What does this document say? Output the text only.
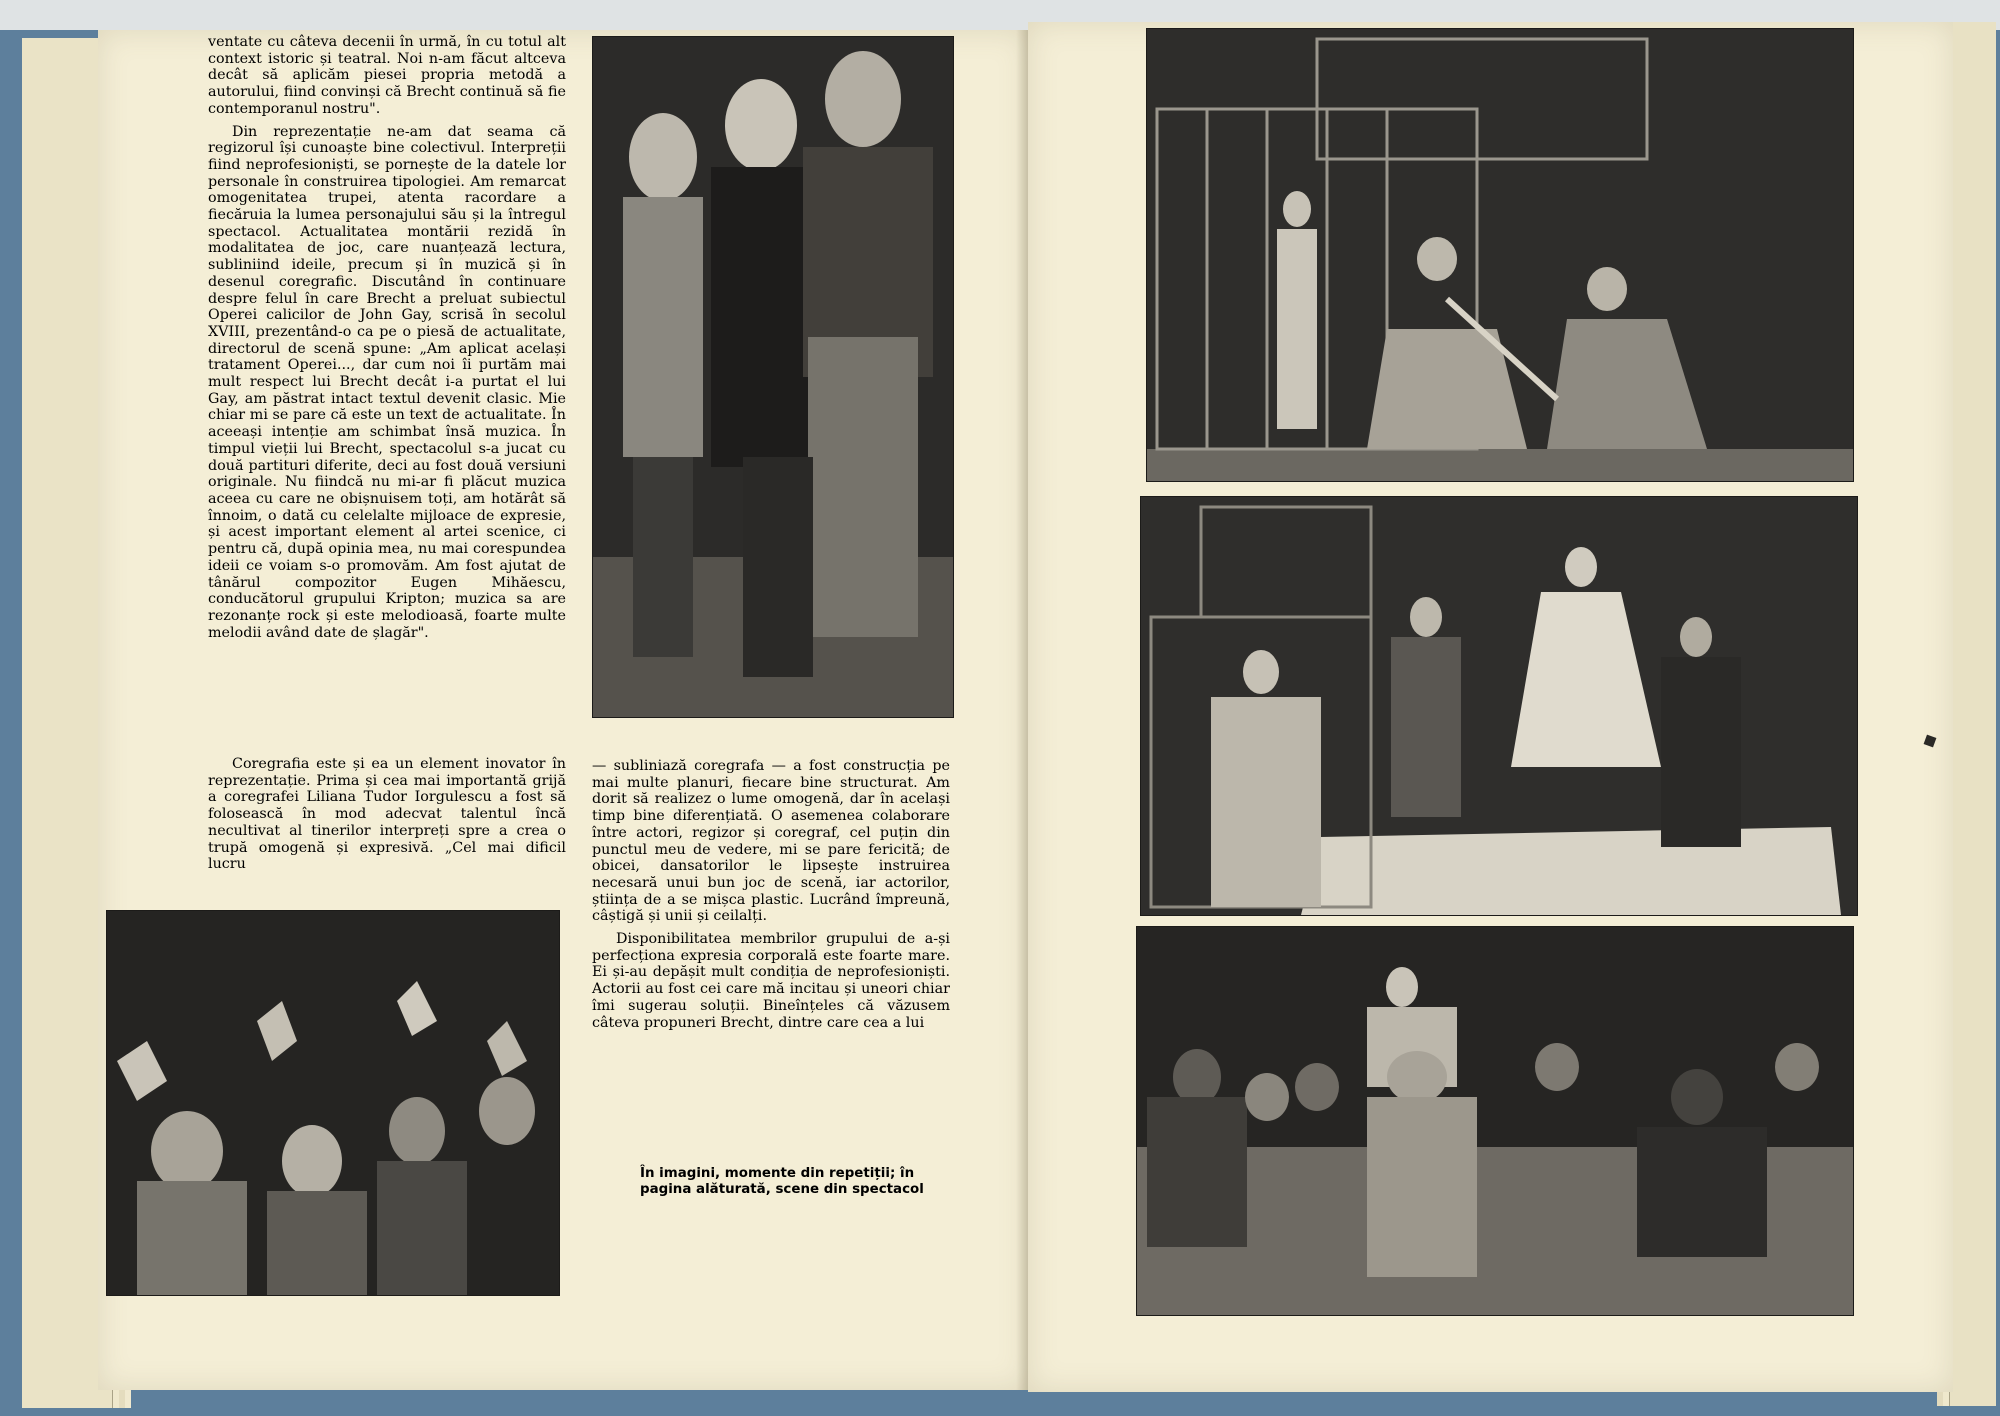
ventate cu câteva decenii în urmă, în cu totul alt context istoric și teatral. Noi n-am făcut altceva decât să aplicăm piesei propria metodă a autorului, fiind convinși că Brecht continuă să fie contemporanul nostru".

Din reprezentație ne-am dat seama că regizorul își cunoaște bine colectivul. Interpreții fiind neprofesioniști, se pornește de la datele lor personale în construirea tipologiei. Am remarcat omogenitatea trupei, atenta racordare a fiecăruia la lumea personajului său și la întregul spectacol. Actualitatea montării rezidă în modalitatea de joc, care nuanțează lectura, subliniind ideile, precum și în muzică și în desenul coregrafic. Discutând în continuare despre felul în care Brecht a preluat subiectul Operei calicilor de John Gay, scrisă în secolul XVIII, prezentând-o ca pe o piesă de actualitate, directorul de scenă spune: „Am aplicat același tratament Operei..., dar cum noi îi purtăm mai mult respect lui Brecht decât i-a purtat el lui Gay, am păstrat intact textul devenit clasic. Mie chiar mi se pare că este un text de actualitate. În aceeași intenție am schimbat însă muzica. În timpul vieții lui Brecht, spectacolul s-a jucat cu două partituri diferite, deci au fost două versiuni originale. Nu fiindcă nu mi-ar fi plăcut muzica aceea cu care ne obișnuisem toți, am hotărât să înnoim, o dată cu celelalte mijloace de expresie, și acest important element al artei scenice, ci pentru că, după opinia mea, nu mai corespundea ideii ce voiam s-o promovăm. Am fost ajutat de tânărul compozitor Eugen Mihăescu, conducătorul grupului Kripton; muzica sa are rezonanțe rock și este melodioasă, foarte multe melodii având date de șlagăr".

Coregrafia este și ea un element inovator în reprezentație. Prima și cea mai importantă grijă a coregrafei Liliana Tudor Iorgulescu a fost să folosească în mod adecvat talentul încă necultivat al tinerilor interpreți spre a crea o trupă omogenă și expresivă. „Cel mai dificil lucru

— subliniază coregrafa — a fost construcția pe mai multe planuri, fiecare bine structurat. Am dorit să realizez o lume omogenă, dar în același timp bine diferențiată. O asemenea colaborare între actori, regizor și coregraf, cel puțin din punctul meu de vedere, mi se pare fericită; de obicei, dansatorilor le lipsește instruirea necesară unui bun joc de scenă, iar actorilor, știința de a se mișca plastic. Lucrând împreună, câștigă și unii și ceilalți.

Disponibilitatea membrilor grupului de a-și perfecționa expresia corporală este foarte mare. Ei și-au depășit mult condiția de neprofesioniști. Actorii au fost cei care mă incitau și uneori chiar îmi sugerau soluții. Bineînțeles că văzusem câteva propuneri Brecht, dintre care cea a lui

În imagini, momente din repetiții; în pagina alăturată, scene din spectacol
